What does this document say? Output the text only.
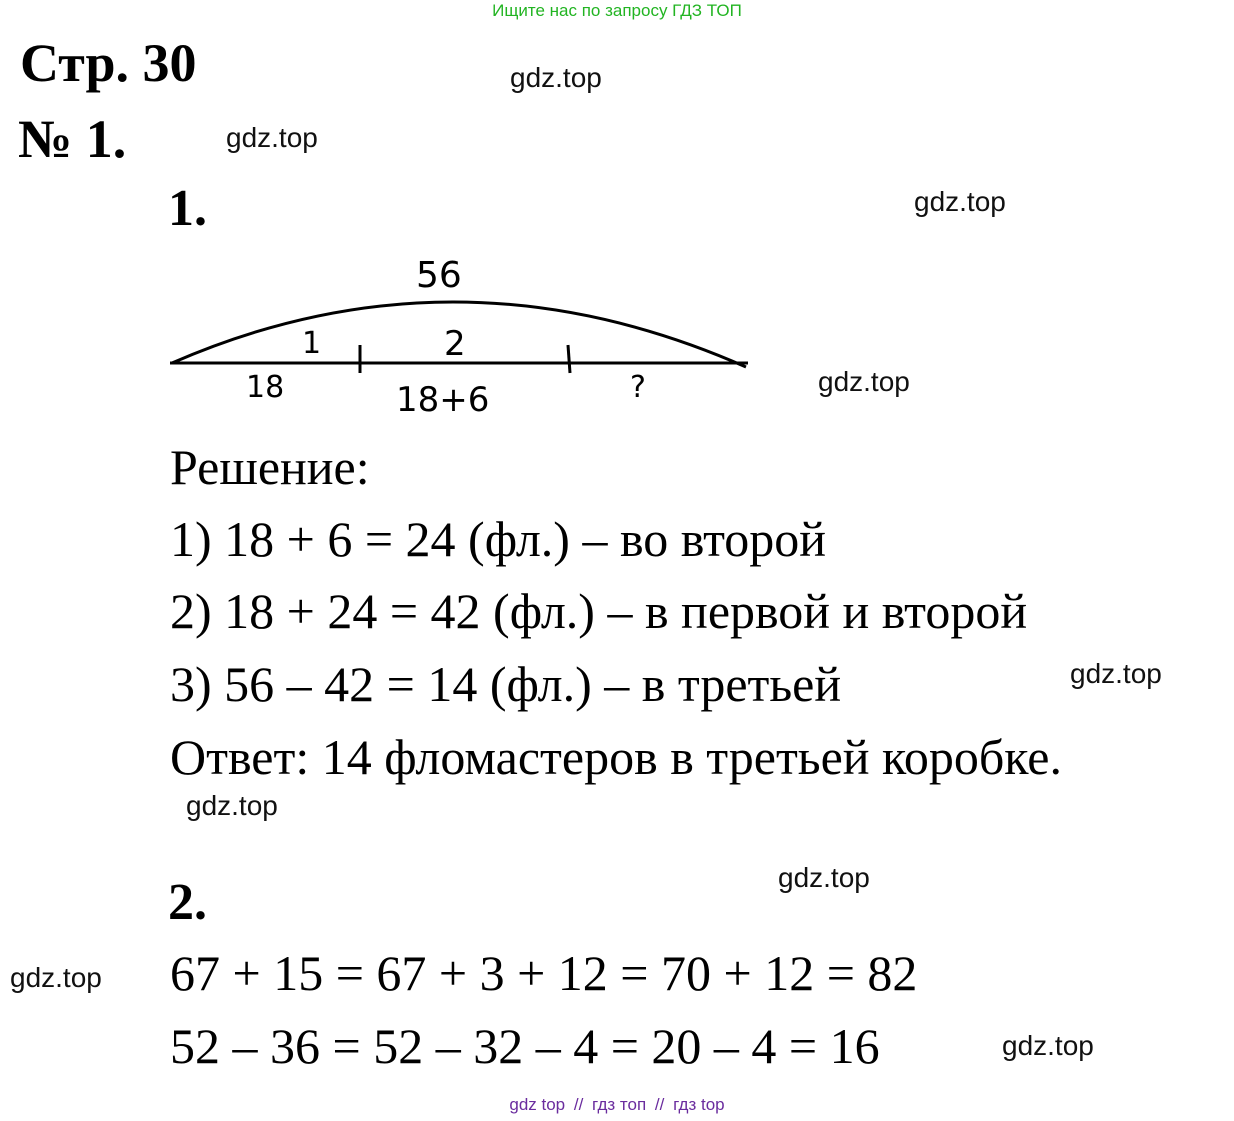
Ищите нас по запросу ГДЗ ТОП
Стр. 30
№ 1.
gdz.top
gdz.top
gdz.top
gdz.top
gdz.top
gdz.top
gdz.top
gdz.top
gdz.top
1.
56
1	2
18	18+6	?
Решение:
1) 18 + 6 = 24 (фл.) – во второй
2) 18 + 24 = 42 (фл.) – в первой и второй
3) 56 – 42 = 14 (фл.) – в третьей
Ответ: 14 фломастеров в третьей коробке.
2.
67 + 15 = 67 + 3 + 12 = 70 + 12 = 82
52 – 36 = 52 – 32 – 4 = 20 – 4 = 16
gdz top // гдз топ // гдз top
